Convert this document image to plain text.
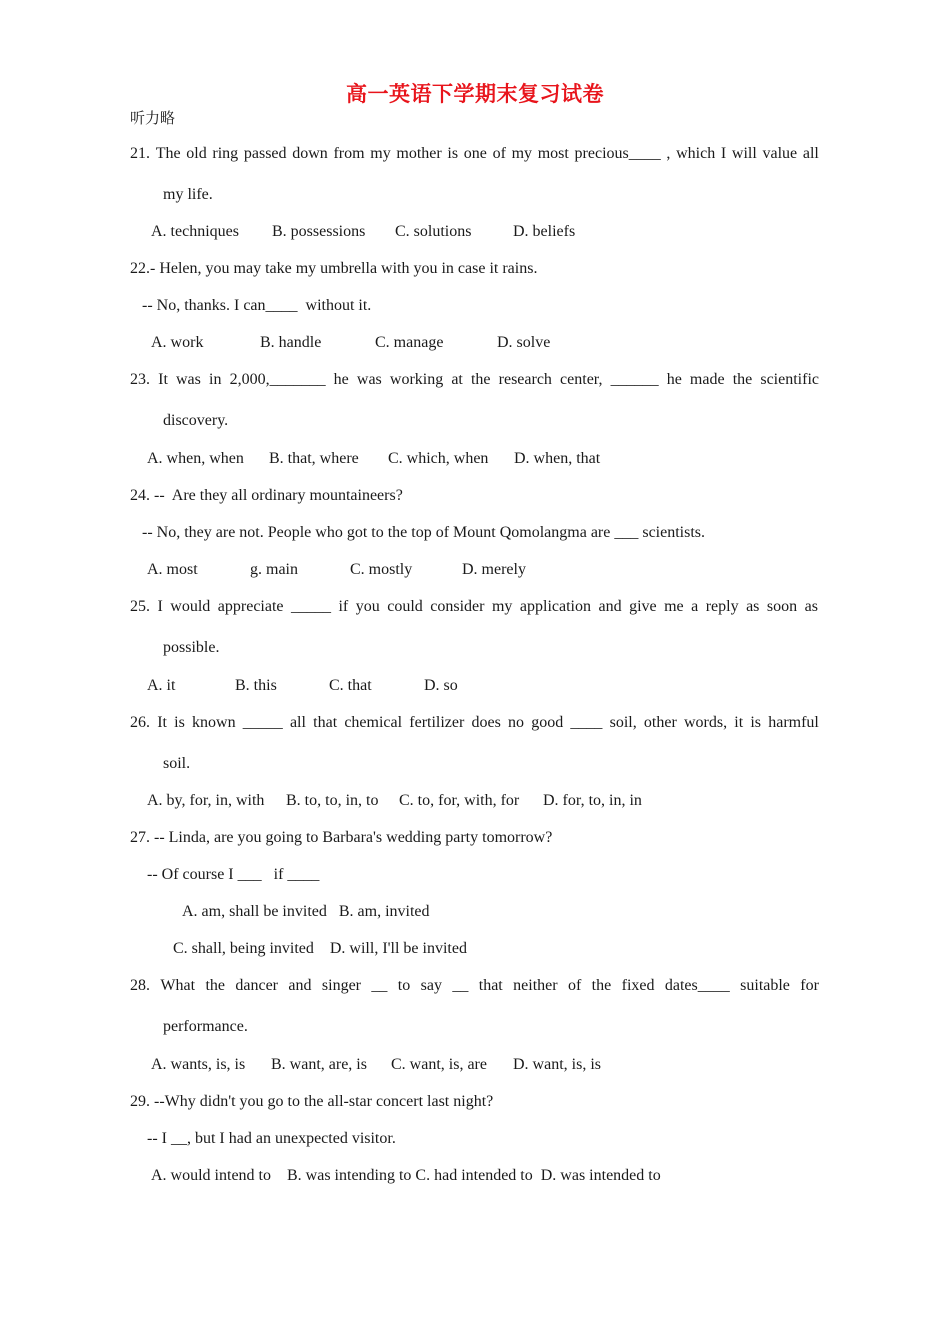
高一英语下学期末复习试卷
听力略
21. The old ring passed down from my mother is one of my most precious____ , which I will value all
my life.
A. techniques B. possessions C. solutions	D. beliefs
22.- Helen, you may take my umbrella with you in case it rains.
-- No, thanks. I can____  without it.
A. work	B. handle	C. manage	D. solve
23. It was in 2,000,_______ he was working at the research center, ______ he made the scientific
discovery.
A. when, when B. that, where C. which, when D. when, that
24. --  Are they all ordinary mountaineers?
-- No, they are not. People who got to the top of Mount Qomolangma are ___ scientists.
A. most	g. main	C. mostly	D. merely
25. I would appreciate _____ if you could consider my application and give me a reply as soon as
possible.
A. it	B. this	C. that	D. so
26. It is known _____ all that chemical fertilizer does no good ____ soil, other words, it is harmful
soil.
A. by, for, in, with B. to, to, in, to C. to, for, with, for D. for, to, in, in
27. -- Linda, are you going to Barbara's wedding party tomorrow?
-- Of course I ___   if ____
A. am, shall be invited   B. am, invited
C. shall, being invited    D. will, I'll be invited
28. What the dancer and singer __ to say __ that neither of the fixed dates____ suitable for
performance.
A. wants, is, is B. want, are, is C. want, is, are D. want, is, is
29. --Why didn't you go to the all-star concert last night?
-- I __, but I had an unexpected visitor.
A. would intend to    B. was intending to C. had intended to  D. was intended to
